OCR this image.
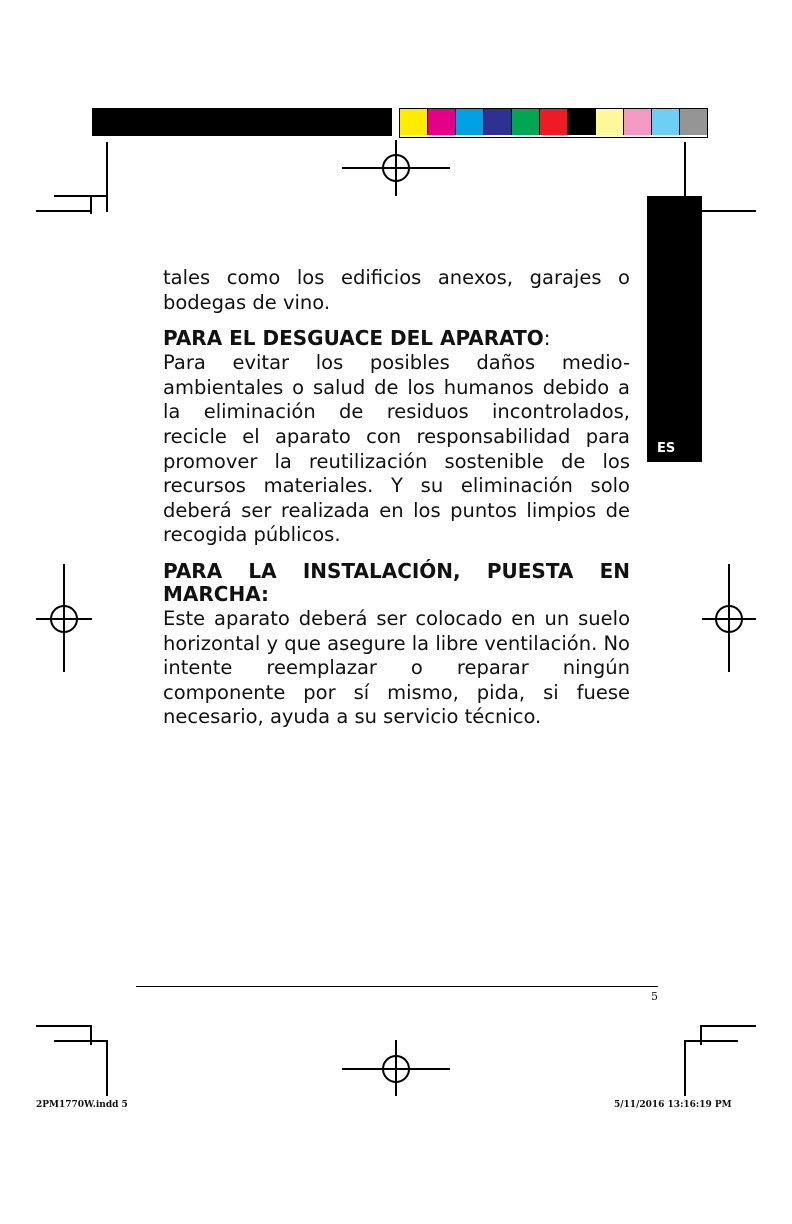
ES

tales como los edificios anexos, garajes o bodegas de vino.

PARA EL DESGUACE DEL APARATO:

Para evitar los posibles daños medio-ambientales o salud de los humanos debido a la eliminación de residuos incontrolados, recicle el aparato con responsabilidad para promover la reutilización sostenible de los recursos materiales. Y su eliminación solo deberá ser realizada en los puntos limpios de recogida públicos.

PARA LA INSTALACIÓN, PUESTA EN MARCHA:

Este aparato deberá ser colocado en un suelo horizontal y que asegure la libre ventilación. No intente reemplazar o reparar ningún componente por sí mismo, pida, si fuese necesario, ayuda a su servicio técnico.

5
2PM1770W.indd 5	5/11/2016 13:16:19 PM
